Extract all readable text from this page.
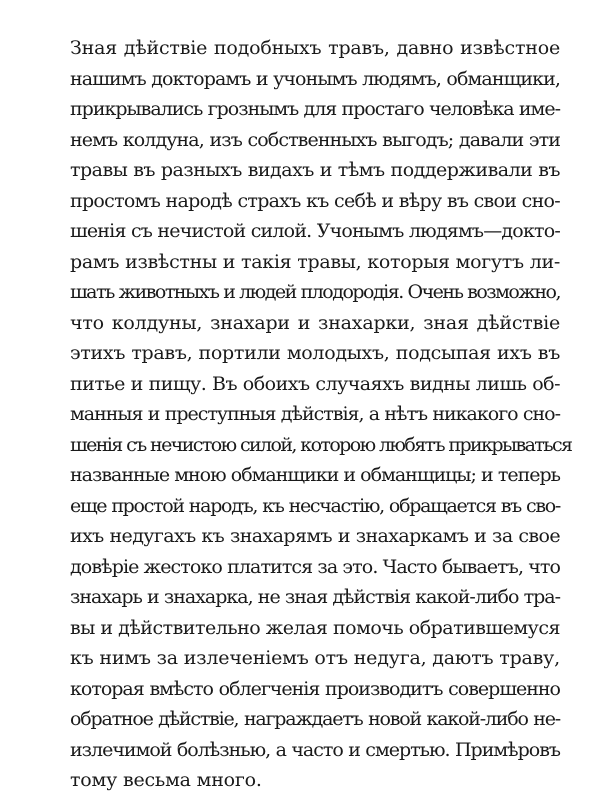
Зная дѣйствіе подобныхъ травъ, давно извѣстное
нашимъ докторамъ и учонымъ людямъ, обманщики,
прикрывались грознымъ для простаго человѣка име-
немъ колдуна, изъ собственныхъ выгодъ; давали эти
травы въ разныхъ видахъ и тѣмъ поддерживали въ
простомъ народѣ страхъ къ себѣ и вѣру въ свои сно-
шенія съ нечистой силой. Учонымъ людямъ—докто-
рамъ извѣстны и такія травы, которыя могутъ ли-
шать животныхъ и людей плодородія. Очень возможно,
что колдуны, знахари и знахарки, зная дѣйствіе
этихъ травъ, портили молодыхъ, подсыпая ихъ въ
питье и пищу. Въ обоихъ случаяхъ видны лишь об-
манныя и преступныя дѣйствія, а нѣтъ никакого сно-
шенія съ нечистою силой, которою любятъ прикрываться
названные мною обманщики и обманщицы; и теперь
еще простой народъ, къ несчастію, обращается въ сво-
ихъ недугахъ къ знахарямъ и знахаркамъ и за свое
довѣріе жестоко платится за это. Часто бываетъ, что
знахарь и знахарка, не зная дѣйствія какой-либо тра-
вы и дѣйствительно желая помочь обратившемуся
къ нимъ за излеченіемъ отъ недуга, даютъ траву,
которая вмѣсто облегченія производитъ совершенно
обратное дѣйствіе, награждаетъ новой какой-либо не-
излечимой болѣзнью, а часто и смертью. Примѣровъ
тому весьма много.
